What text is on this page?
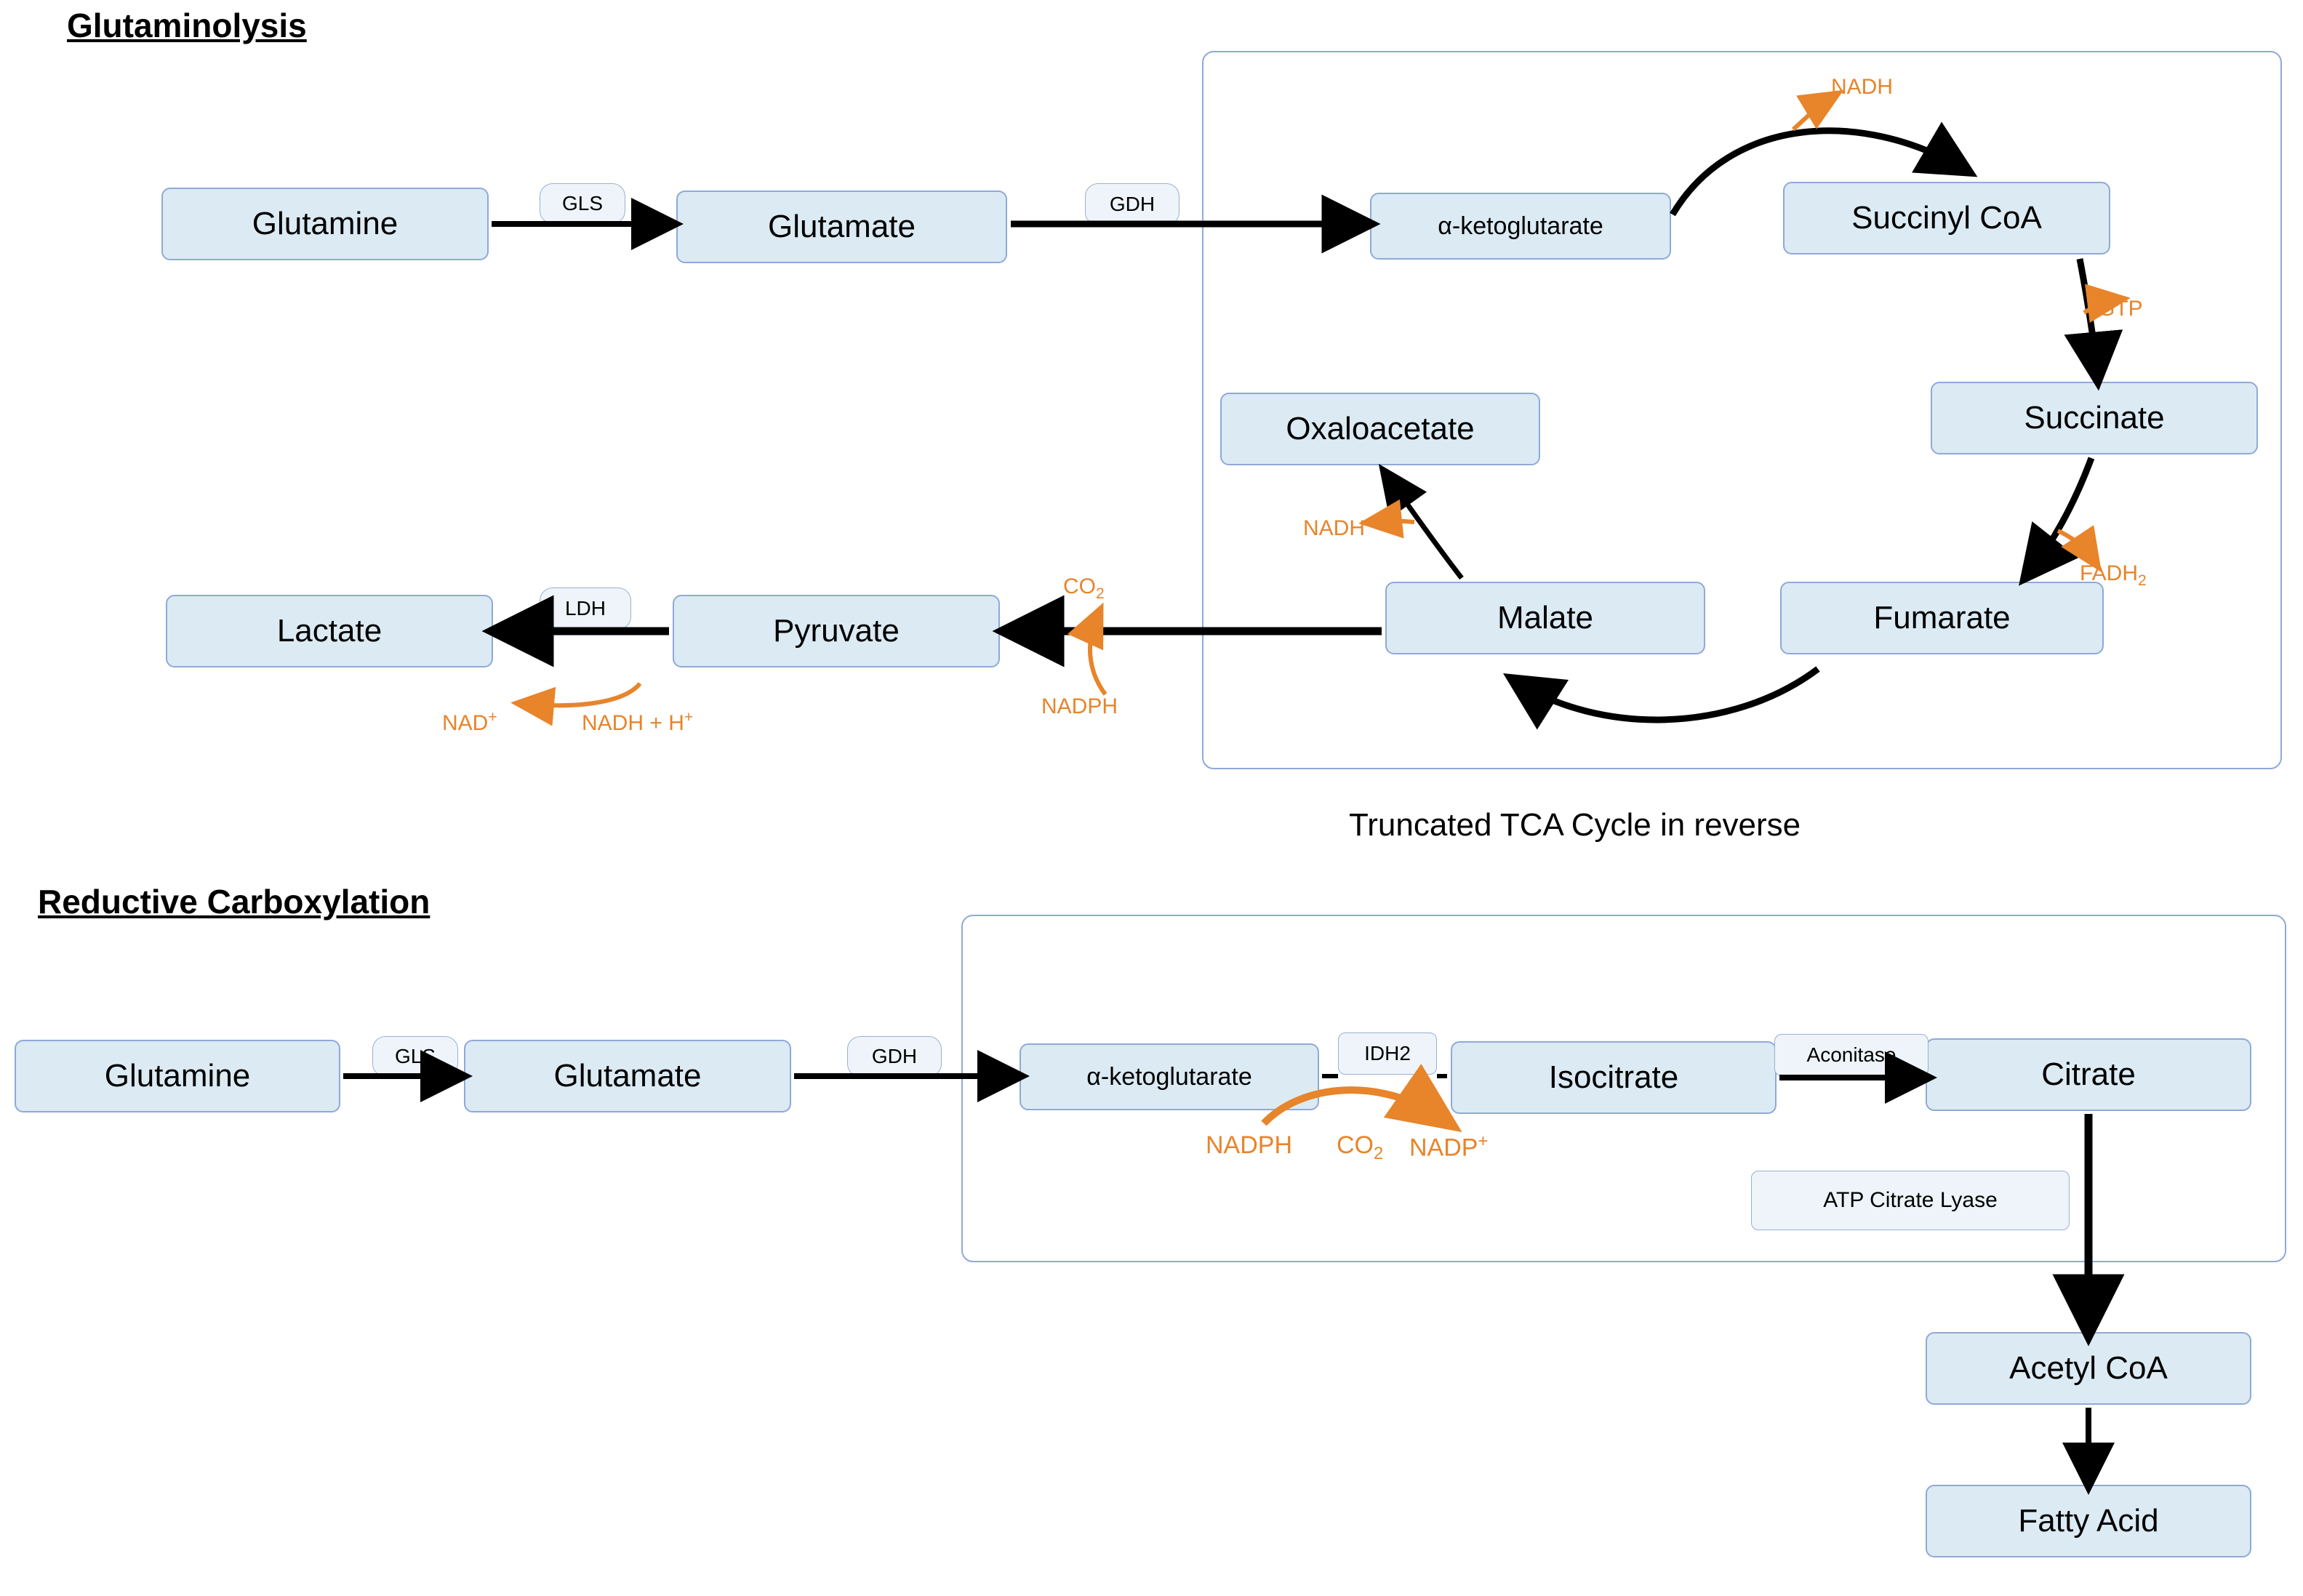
Glutaminolysis
Reductive Carboxylation
Glutamine	Glutamate	α-ketoglutarate	Succinyl CoA
Succinate
Fumarate
Malate
Oxaloacetate
Pyruvate
Lactate
GLS	GDH
LDH
NADH
GTP
$FADH_2$
NADH
$CO_2$
NADPH
NAD+	NADH + H+
Truncated TCA Cycle in reverse
Glutamine	Glutamate	α-ketoglutarate	Isocitrate	Citrate
Acetyl CoA
Fatty Acid
GLS	GDH	IDH2	Aconitase
ATP Citrate Lyase
NADPH $CO_2$ NADP+
